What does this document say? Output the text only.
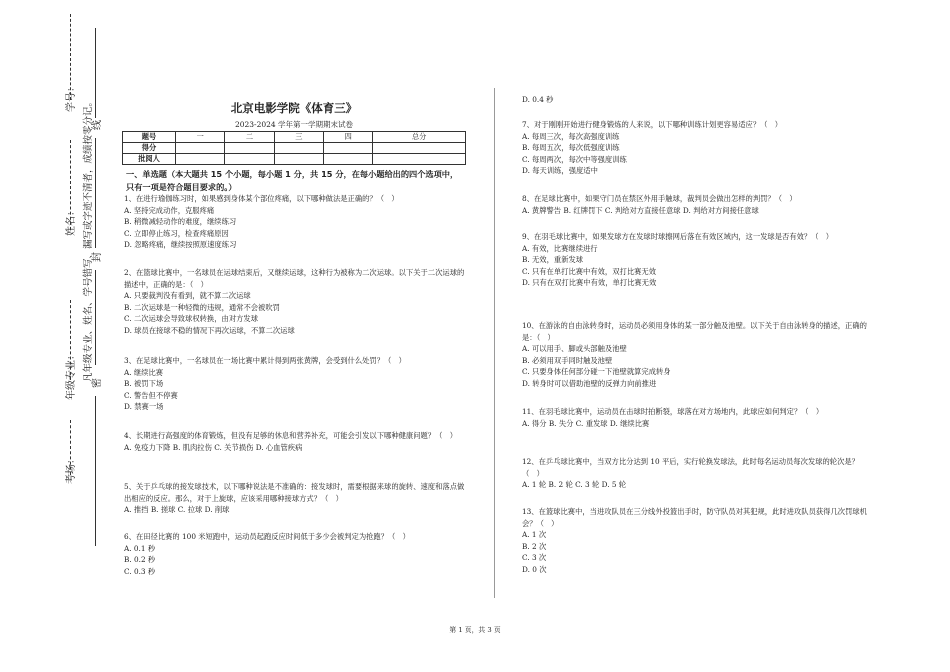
学号：
姓名：
年级专业：
考场：
凡年级专业、姓名、学号错写、漏写或字迹不清者，成绩按零分记。
线
封
密
北京电影学院《体育三》
2023-2024 学年第一学期期末试卷
题号	一	二	三	四	总分
得分					
批阅人					
一、单选题（本大题共 15 个小题，每小题 1 分，共 15 分，在每小题给出的四个选项中，只有一项是符合题目要求的。）
1、在进行瑜伽练习时，如果感到身体某个部位疼痛，以下哪种做法是正确的？（　）
A. 坚持完成动作，克服疼痛
B. 稍微减轻动作的难度，继续练习
C. 立即停止练习，检查疼痛原因
D. 忽略疼痛，继续按照原速度练习
2、在篮球比赛中，一名球员在运球结束后，又继续运球，这种行为被称为二次运球。以下关于二次运球的描述中，正确的是：（　）
A. 只要裁判没有看到，就不算二次运球
B. 二次运球是一种轻微的违规，通常不会被吹罚
C. 二次运球会导致球权转换，由对方发球
D. 球员在接球不稳的情况下再次运球，不算二次运球
3、在足球比赛中，一名球员在一场比赛中累计得到两张黄牌，会受到什么处罚？（　）
A. 继续比赛
B. 被罚下场
C. 警告但不停赛
D. 禁赛一场
4、长期进行高强度的体育锻炼，但没有足够的休息和营养补充，可能会引发以下哪种健康问题？（　）
A. 免疫力下降 B. 肌肉拉伤 C. 关节损伤 D. 心血管疾病
5、关于乒乓球的接发球技术，以下哪种说法是不准确的：接发球时，需要根据来球的旋转、速度和落点做出相应的反应。那么，对于上旋球，应该采用哪种接球方式？（　）
A. 推挡 B. 搓球 C. 拉球 D. 削球
6、在田径比赛的 100 米短跑中，运动员起跑反应时间低于多少会被判定为抢跑？（　）
A. 0.1 秒
B. 0.2 秒
C. 0.3 秒
D. 0.4 秒
7、对于刚刚开始进行健身锻炼的人来说，以下哪种训练计划更容易适应？（　）
A. 每周三次，每次高强度训练
B. 每周五次，每次低强度训练
C. 每周两次，每次中等强度训练
D. 每天训练，强度适中
8、在足球比赛中，如果守门员在禁区外用手触球，裁判员会做出怎样的判罚？（　）
A. 黄牌警告 B. 红牌罚下 C. 判给对方直接任意球 D. 判给对方间接任意球
9、在羽毛球比赛中，如果发球方在发球时球擦网后落在有效区域内，这一发球是否有效？（　）
A. 有效，比赛继续进行
B. 无效，重新发球
C. 只有在单打比赛中有效，双打比赛无效
D. 只有在双打比赛中有效，单打比赛无效
10、在游泳的自由泳转身时，运动员必须用身体的某一部分触及池壁。以下关于自由泳转身的描述，正确的是：（　）
A. 可以用手、脚或头部触及池壁
B. 必须用双手同时触及池壁
C. 只要身体任何部分碰一下池壁就算完成转身
D. 转身时可以借助池壁的反弹力向前推进
11、在羽毛球比赛中，运动员在击球时拍断裂，球落在对方场地内，此球应如何判定？（　）
A. 得分 B. 失分 C. 重发球 D. 继续比赛
12、在乒乓球比赛中，当双方比分达到 10 平后，实行轮换发球法，此时每名运动员每次发球的轮次是？（　）
A. 1 轮 B. 2 轮 C. 3 轮 D. 5 轮
13、在篮球比赛中，当进攻队员在三分线外投篮出手时，防守队员对其犯规，此时进攻队员获得几次罚球机会？（　）
A. 1 次
B. 2 次
C. 3 次
D. 0 次
第 1 页，共 3 页
